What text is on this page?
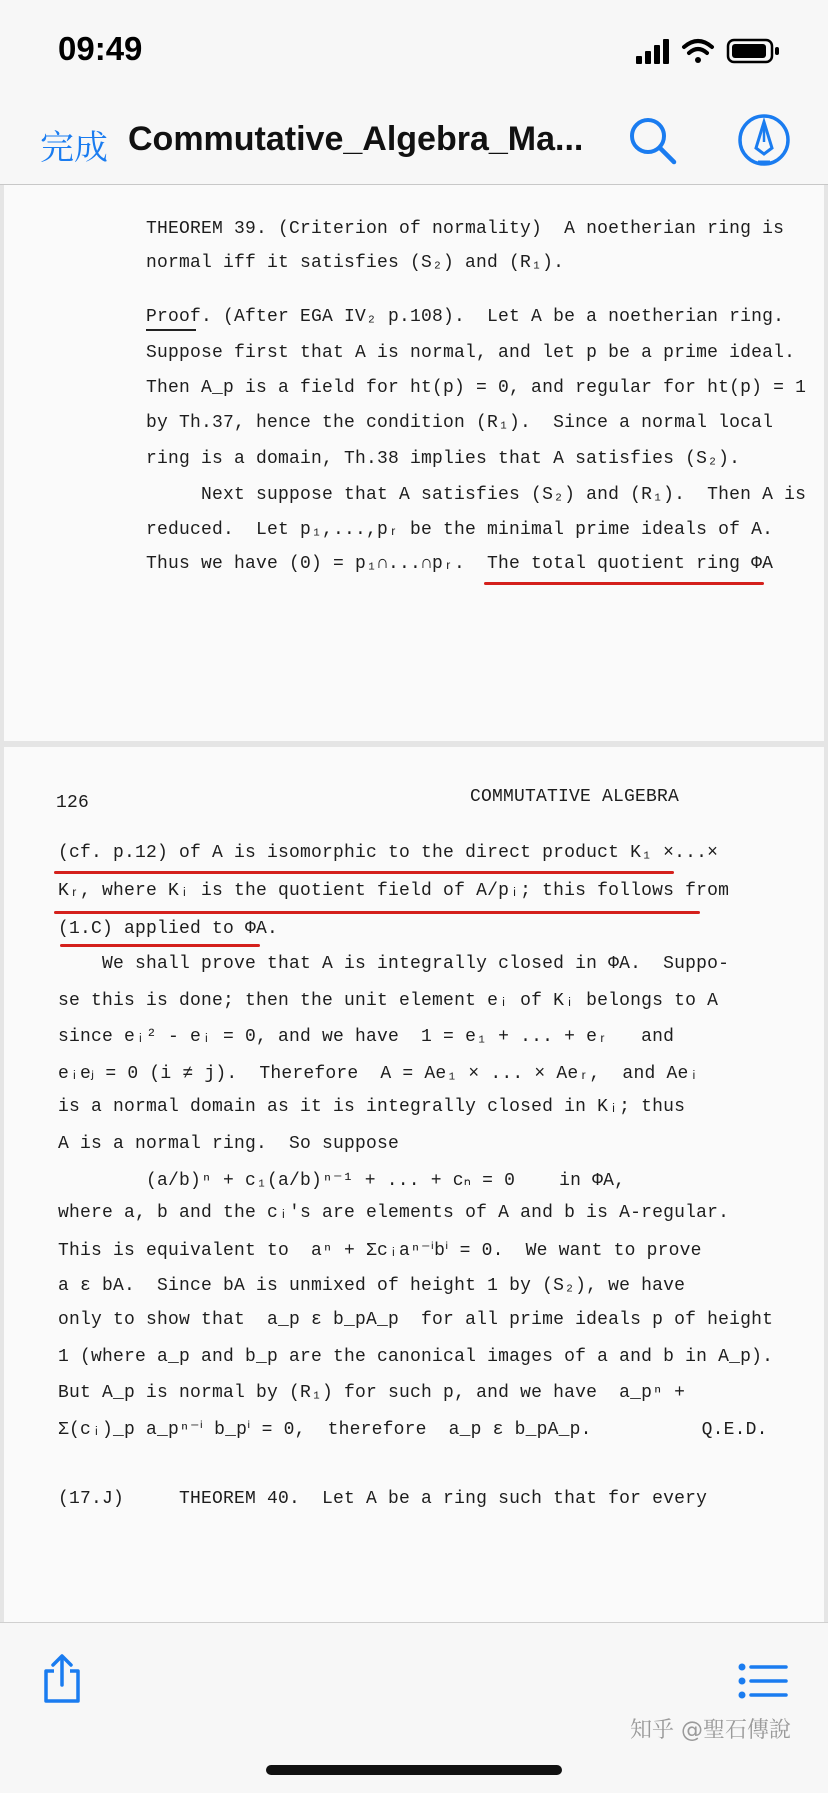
09:49
完成 Commutative_Algebra_Ma...
THEOREM 39. (Criterion of normality)  A noetherian ring is
normal iff it satisfies (S₂) and (R₁).
Proof. (After EGA IV₂ p.108).  Let A be a noetherian ring.
Suppose first that A is normal, and let p be a prime ideal.
Then A_p is a field for ht(p) = 0, and regular for ht(p) = 1
by Th.37, hence the condition (R₁).  Since a normal local
ring is a domain, Th.38 implies that A satisfies (S₂).
Next suppose that A satisfies (S₂) and (R₁).  Then A is
reduced.  Let p₁,...,pᵣ be the minimal prime ideals of A.
Thus we have (0) = p₁∩...∩pᵣ.  The total quotient ring ΦA
126	COMMUTATIVE ALGEBRA
(cf. p.12) of A is isomorphic to the direct product K₁ ×...×
Kᵣ, where Kᵢ is the quotient field of A/pᵢ; this follows from
(1.C) applied to ΦA.
We shall prove that A is integrally closed in ΦA.  Suppo-
se this is done; then the unit element eᵢ of Kᵢ belongs to A
since eᵢ² - eᵢ = 0, and we have  1 = e₁ + ... + eᵣ   and
eᵢeⱼ = 0 (i ≠ j).  Therefore  A = Ae₁ × ... × Aeᵣ,  and Aeᵢ
is a normal domain as it is integrally closed in Kᵢ; thus
A is a normal ring.  So suppose
(a/b)ⁿ + c₁(a/b)ⁿ⁻¹ + ... + cₙ = 0    in ΦA,
where a, b and the cᵢ's are elements of A and b is A-regular.
This is equivalent to  aⁿ + Σcᵢaⁿ⁻ⁱbⁱ = 0.  We want to prove
a ε bA.  Since bA is unmixed of height 1 by (S₂), we have
only to show that  a_p ε b_pA_p  for all prime ideals p of height
1 (where a_p and b_p are the canonical images of a and b in A_p).
But A_p is normal by (R₁) for such p, and we have  a_pⁿ +
Σ(cᵢ)_p a_pⁿ⁻ⁱ b_pⁱ = 0,  therefore  a_p ε b_pA_p.          Q.E.D.
(17.J)     THEOREM 40.  Let A be a ring such that for every
知乎 @聖石傳說
